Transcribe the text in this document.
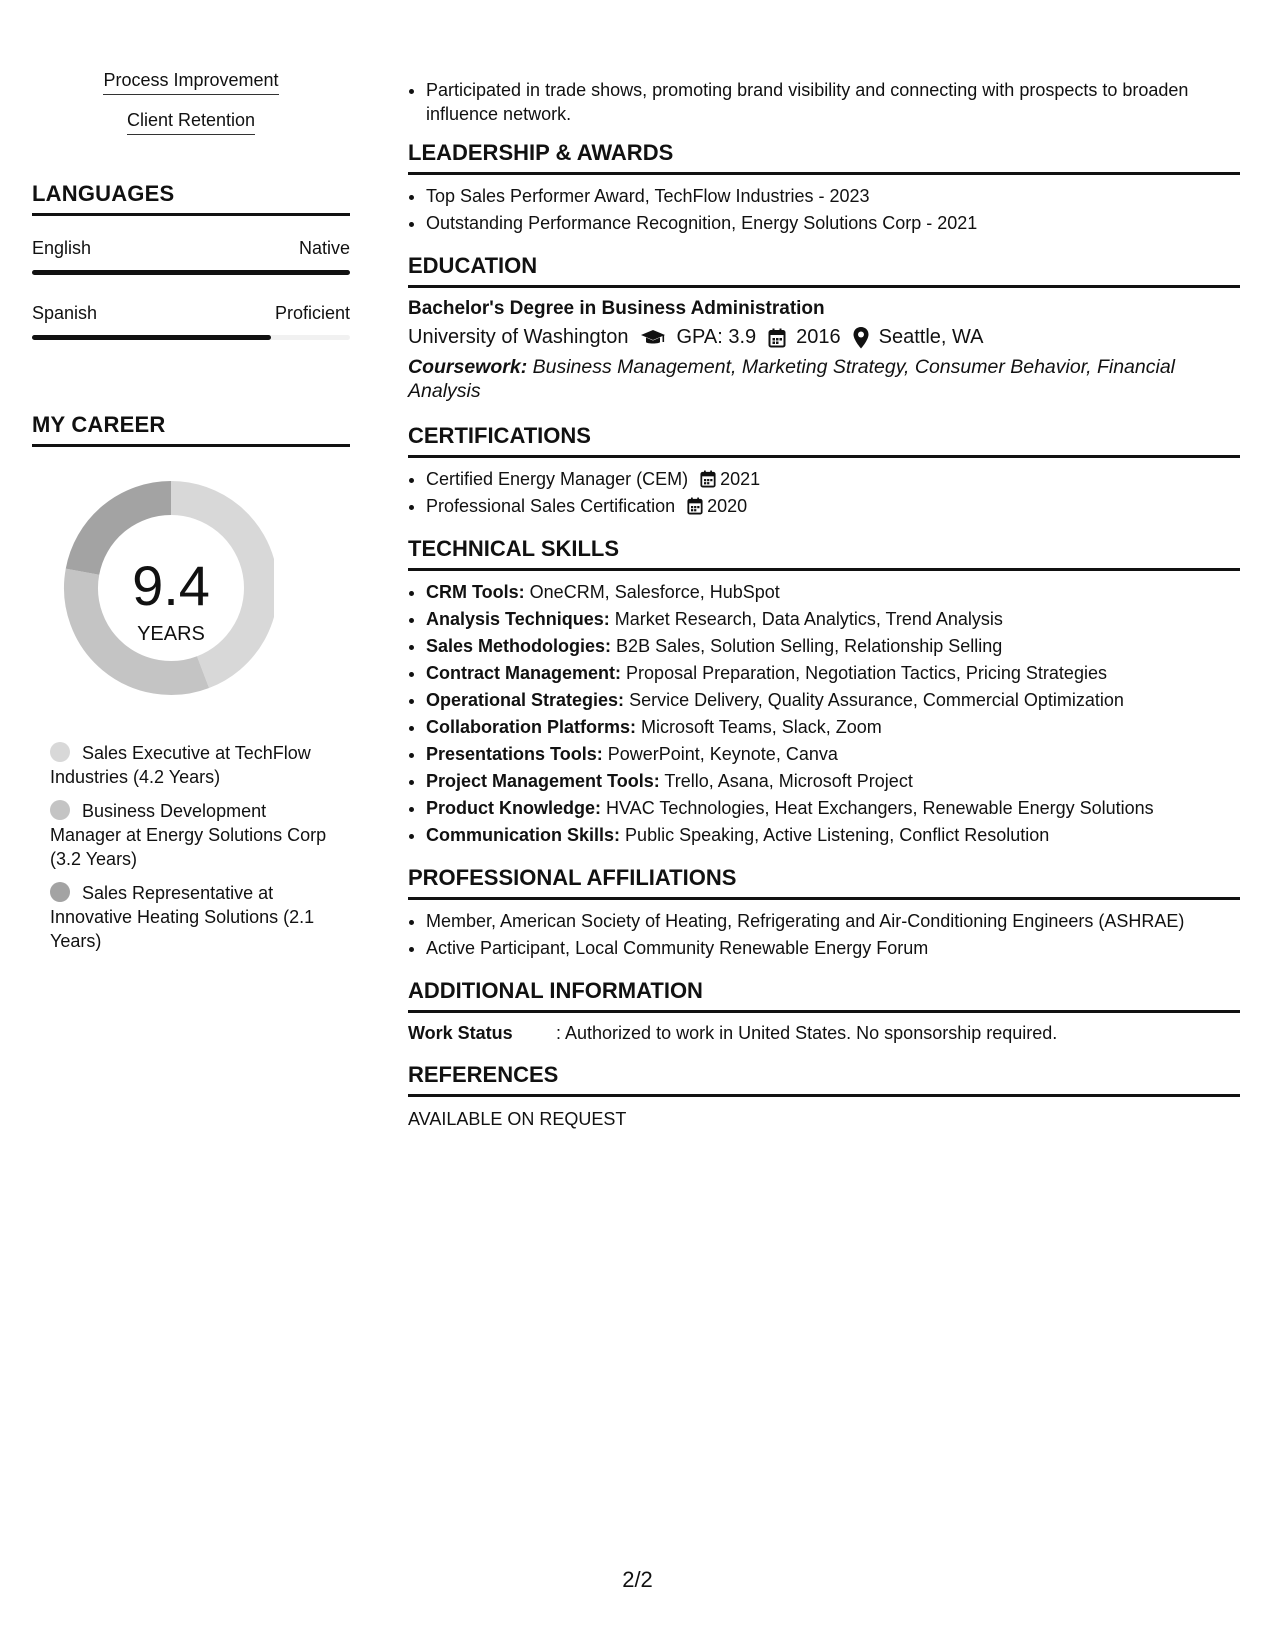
Process Improvement
Client Retention
LANGUAGES
English	Native
Spanish	Proficient
MY CAREER
9.4
YEARS
Sales Executive at TechFlow Industries (4.2 Years)
Business Development Manager at Energy Solutions Corp (3.2 Years)
Sales Representative at Innovative Heating Solutions (2.1 Years)
• Participated in trade shows, promoting brand visibility and connecting with prospects to broaden influence network.
LEADERSHIP & AWARDS
• Top Sales Performer Award, TechFlow Industries - 2023
• Outstanding Performance Recognition, Energy Solutions Corp - 2021
EDUCATION
Bachelor's Degree in Business Administration
University of Washington GPA: 3.9 2016 Seattle, WA
Coursework: Business Management, Marketing Strategy, Consumer Behavior, Financial Analysis
CERTIFICATIONS
• Certified Energy Manager (CEM) 2021
• Professional Sales Certification 2020
TECHNICAL SKILLS
• CRM Tools: OneCRM, Salesforce, HubSpot
• Analysis Techniques: Market Research, Data Analytics, Trend Analysis
• Sales Methodologies: B2B Sales, Solution Selling, Relationship Selling
• Contract Management: Proposal Preparation, Negotiation Tactics, Pricing Strategies
• Operational Strategies: Service Delivery, Quality Assurance, Commercial Optimization
• Collaboration Platforms: Microsoft Teams, Slack, Zoom
• Presentations Tools: PowerPoint, Keynote, Canva
• Project Management Tools: Trello, Asana, Microsoft Project
• Product Knowledge: HVAC Technologies, Heat Exchangers, Renewable Energy Solutions
• Communication Skills: Public Speaking, Active Listening, Conflict Resolution
PROFESSIONAL AFFILIATIONS
• Member, American Society of Heating, Refrigerating and Air-Conditioning Engineers (ASHRAE)
• Active Participant, Local Community Renewable Energy Forum
ADDITIONAL INFORMATION
Work Status	: Authorized to work in United States. No sponsorship required.
REFERENCES
AVAILABLE ON REQUEST
2/2
